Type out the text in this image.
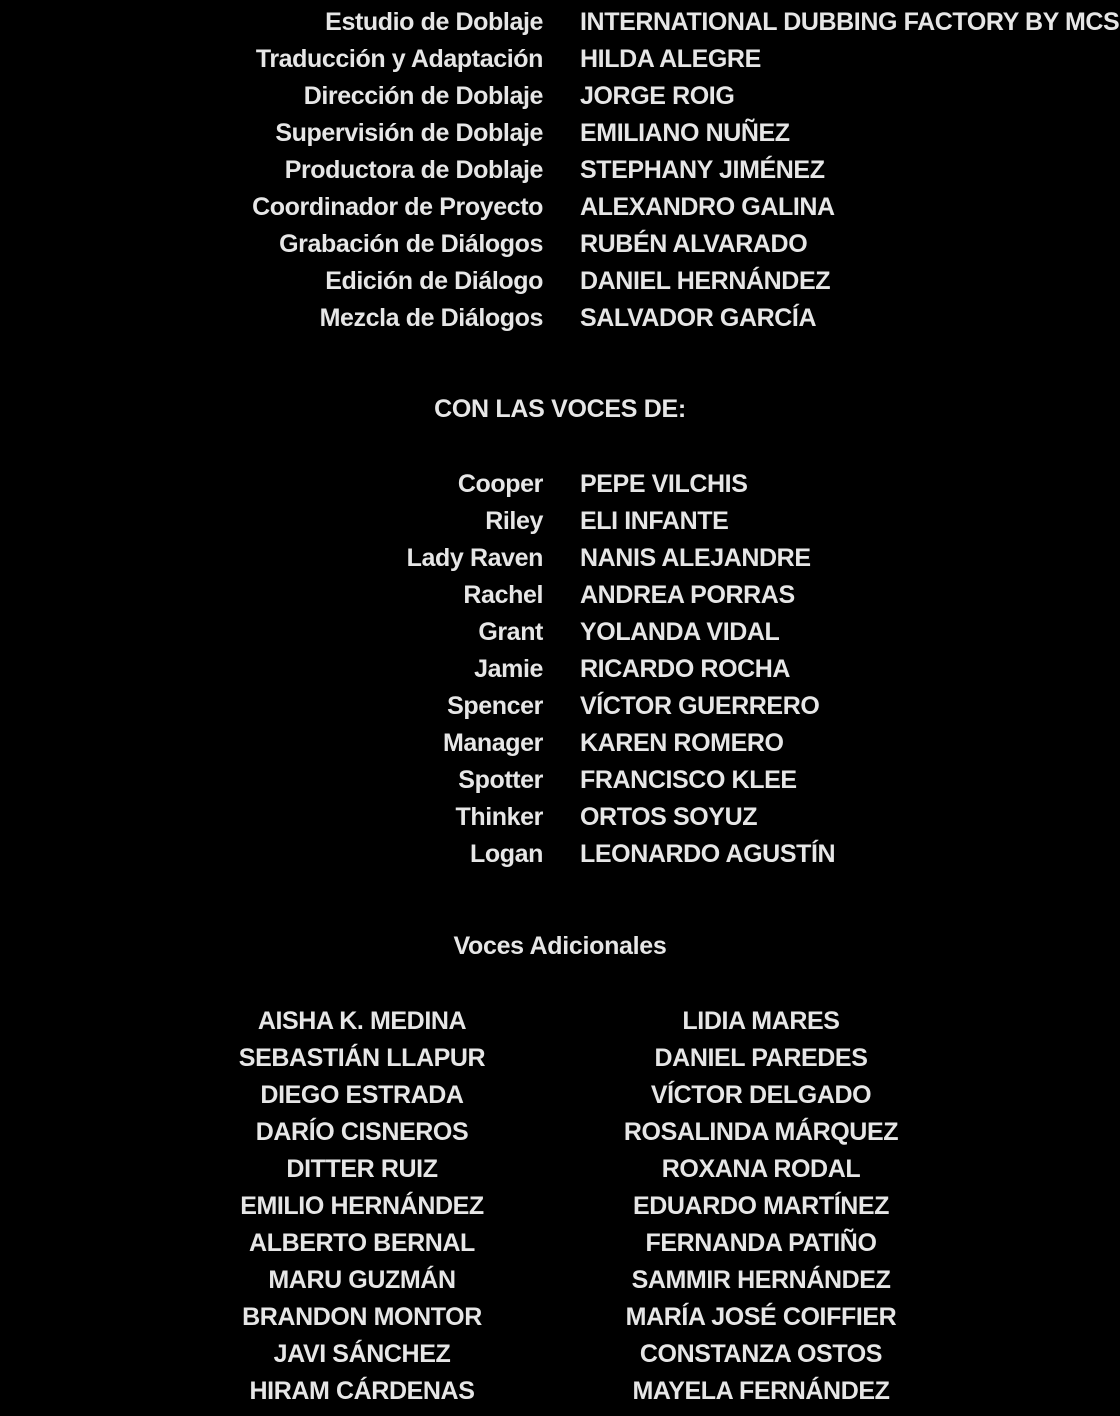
Estudio de Doblaje INTERNATIONAL DUBBING FACTORY BY MCS
Traducción y Adaptación HILDA ALEGRE
Dirección de Doblaje JORGE ROIG
Supervisión de Doblaje EMILIANO NUÑEZ
Productora de Doblaje STEPHANY JIMÉNEZ
Coordinador de Proyecto ALEXANDRO GALINA
Grabación de Diálogos RUBÉN ALVARADO
Edición de Diálogo DANIEL HERNÁNDEZ
Mezcla de Diálogos SALVADOR GARCÍA
CON LAS VOCES DE:
Cooper PEPE VILCHIS
Riley ELI INFANTE
Lady Raven NANIS ALEJANDRE
Rachel ANDREA PORRAS
Grant YOLANDA VIDAL
Jamie RICARDO ROCHA
Spencer VÍCTOR GUERRERO
Manager KAREN ROMERO
Spotter FRANCISCO KLEE
Thinker ORTOS SOYUZ
Logan LEONARDO AGUSTÍN
Voces Adicionales
AISHA K. MEDINA	LIDIA MARES
SEBASTIÁN LLAPUR	DANIEL PAREDES
DIEGO ESTRADA	VÍCTOR DELGADO
DARÍO CISNEROS	ROSALINDA MÁRQUEZ
DITTER RUIZ	ROXANA RODAL
EMILIO HERNÁNDEZ	EDUARDO MARTÍNEZ
ALBERTO BERNAL	FERNANDA PATIÑO
MARU GUZMÁN	SAMMIR HERNÁNDEZ
BRANDON MONTOR	MARÍA JOSÉ COIFFIER
JAVI SÁNCHEZ	CONSTANZA OSTOS
HIRAM CÁRDENAS	MAYELA FERNÁNDEZ
